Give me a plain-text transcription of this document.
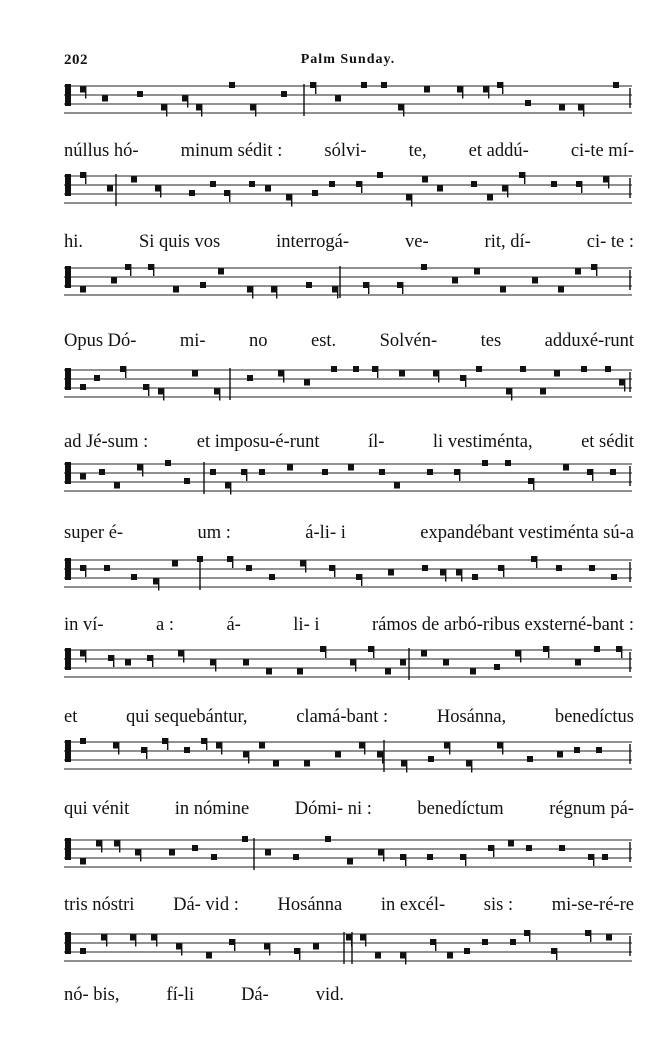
202	Palm Sunday.
núllus hó- minum sédit : sólvi- te, et addú- ci-te mí-
hi.	Si quis vos	interrogá-	ve-	rit, dí-	ci- te :
Opus Dó- mi- no est. Solvén- tes adduxé-runt
ad Jé-sum :	et imposu-é-runt	íl-	li vestiménta,	et sédit
super é-	um :	á-li- i	expandébant vestiménta sú-a
in ví-	a :	á-	li- i	rámos de arbó-ribus exsterné-bant :
et	qui sequebántur,	clamá-bant :	Hosánna,	benedíctus
qui vénit in nómine Dómi- ni : benedíctum régnum pá-
tris nóstri Dá- vid : Hosánna in excél- sis : mi-se-ré-re
nó- bis,	fí-li	Dá-	vid.
